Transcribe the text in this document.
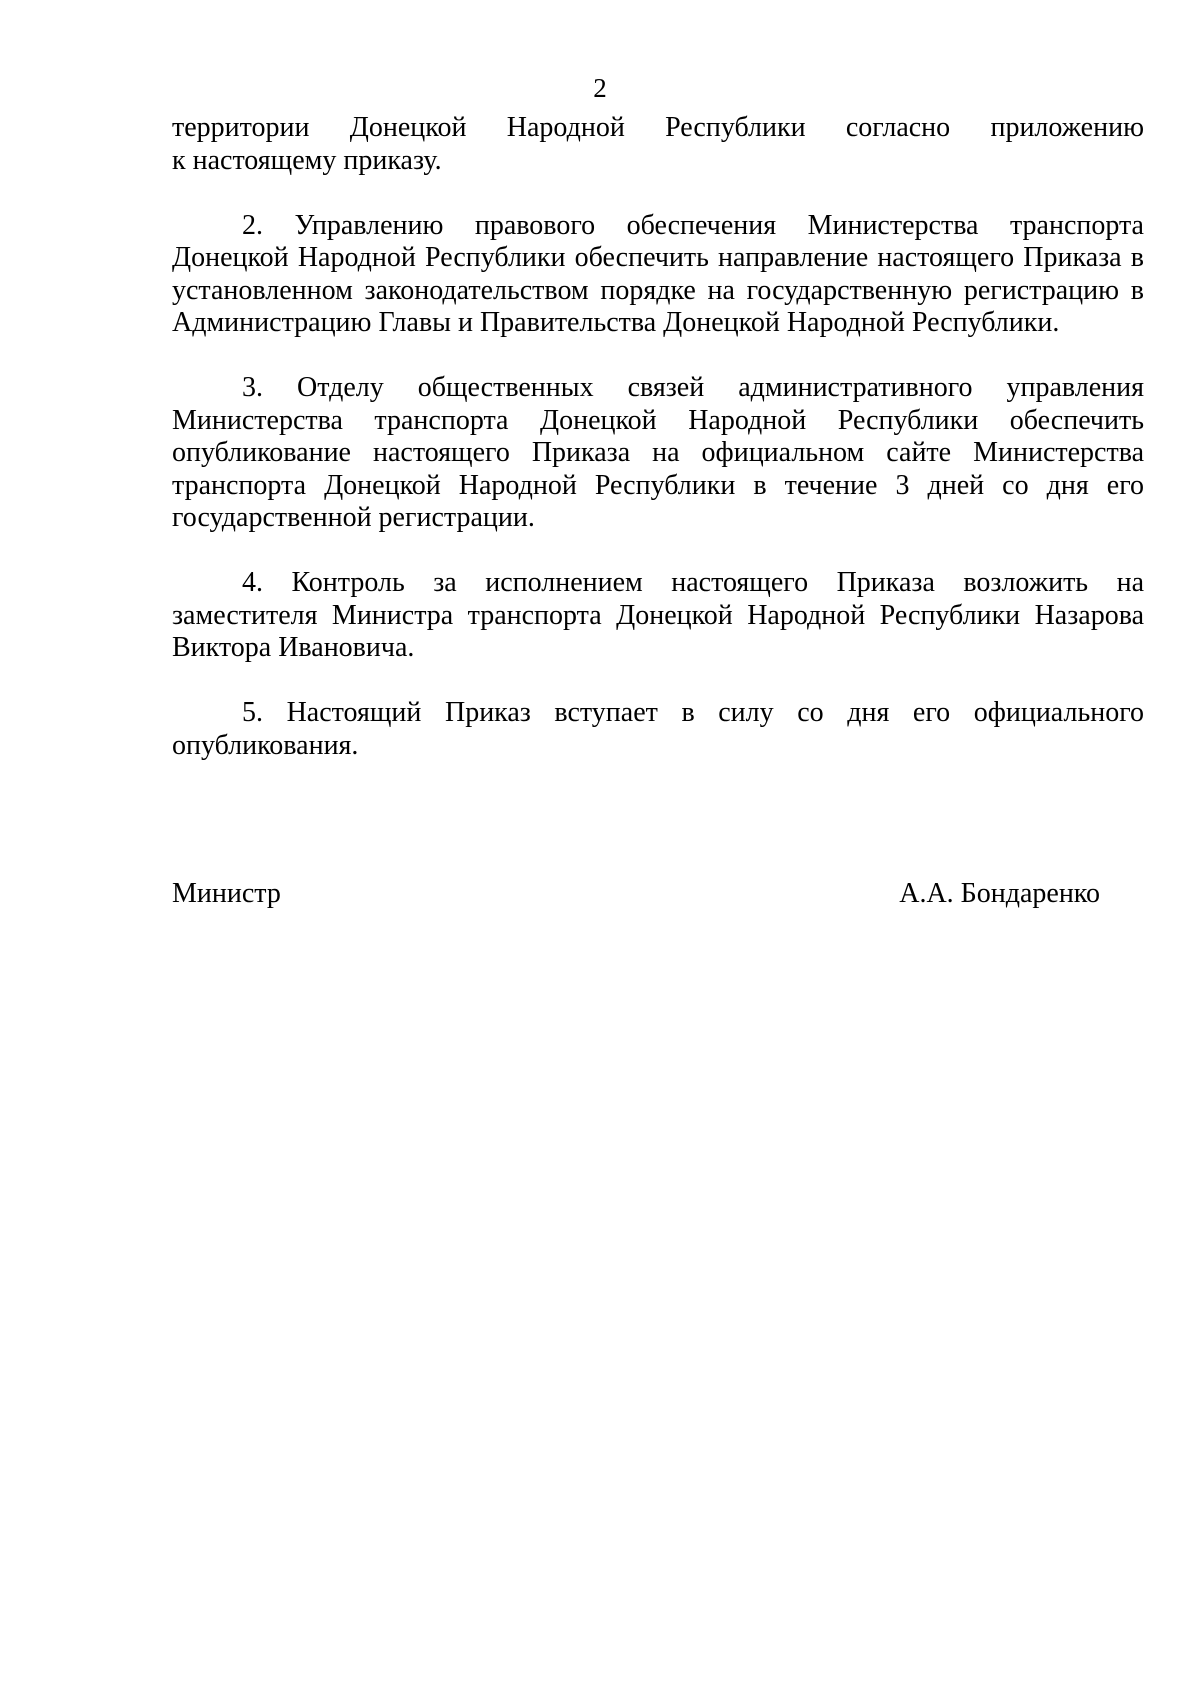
2

территории Донецкой Народной Республики согласно приложению
к настоящему приказу.

2. Управлению правового обеспечения Министерства транспорта Донецкой Народной Республики обеспечить направление настоящего Приказа в установленном законодательством порядке на государственную регистрацию в Администрацию Главы и Правительства Донецкой Народной Республики.

3. Отделу общественных связей административного управления Министерства транспорта Донецкой Народной Республики обеспечить опубликование настоящего Приказа на официальном сайте Министерства транспорта Донецкой Народной Республики в течение 3 дней со дня его государственной регистрации.

4. Контроль за исполнением настоящего Приказа возложить на заместителя Министра транспорта Донецкой Народной Республики Назарова Виктора Ивановича.

5. Настоящий Приказ вступает в силу со дня его официального опубликования.

Министр	А.А. Бондаренко
